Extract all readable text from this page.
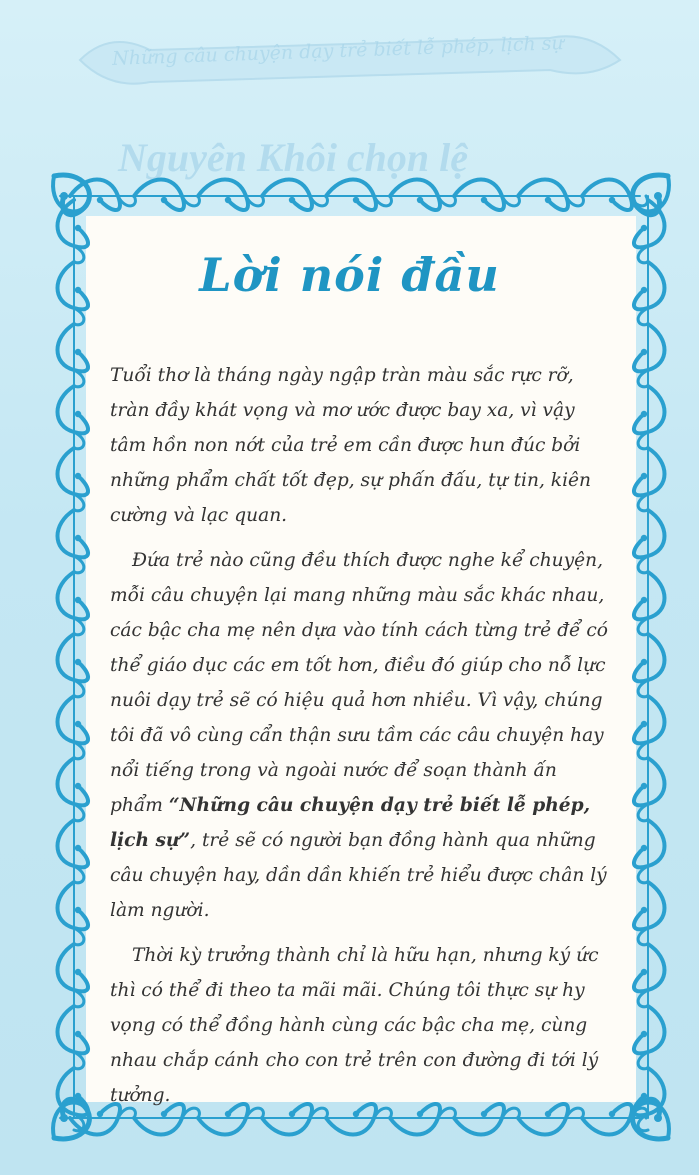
Những câu chuyện dạy trẻ biết lễ phép, lịch sự
Nguyên Khôi chọn lệ
Lời nói đầu

Tuổi thơ là tháng ngày ngập tràn màu sắc rực rỡ, tràn đầy khát vọng và mơ ước được bay xa, vì vậy tâm hồn non nớt của trẻ em cần được hun đúc bởi những phẩm chất tốt đẹp, sự phấn đấu, tự tin, kiên cường và lạc quan.

Đứa trẻ nào cũng đều thích được nghe kể chuyện, mỗi câu chuyện lại mang những màu sắc khác nhau, các bậc cha mẹ nên dựa vào tính cách từng trẻ để có thể giáo dục các em tốt hơn, điều đó giúp cho nỗ lực nuôi dạy trẻ sẽ có hiệu quả hơn nhiều. Vì vậy, chúng tôi đã vô cùng cẩn thận sưu tầm các câu chuyện hay nổi tiếng trong và ngoài nước để soạn thành ấn phẩm “Những câu chuyện dạy trẻ biết lễ phép, lịch sự”, trẻ sẽ có người bạn đồng hành qua những câu chuyện hay, dần dần khiến trẻ hiểu được chân lý làm người.

Thời kỳ trưởng thành chỉ là hữu hạn, nhưng ký ức thì có thể đi theo ta mãi mãi. Chúng tôi thực sự hy vọng có thể đồng hành cùng các bậc cha mẹ, cùng nhau chắp cánh cho con trẻ trên con đường đi tới lý tưởng.
